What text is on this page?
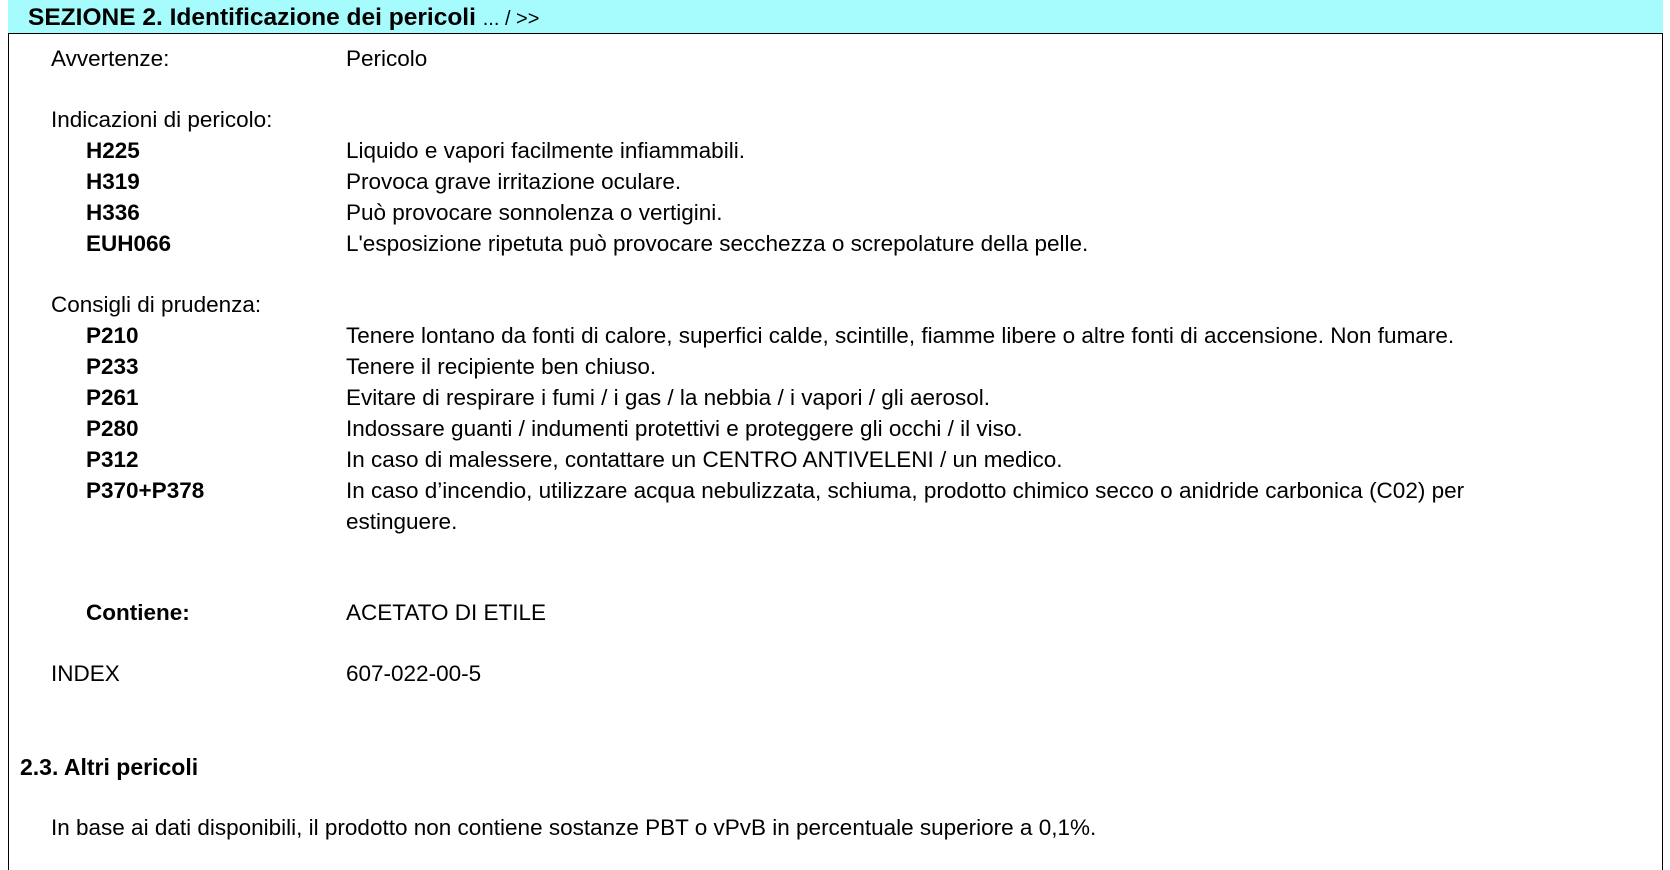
SEZIONE 2. Identificazione dei pericoli ... / >>
Avvertenze:	Pericolo
Indicazioni di pericolo:
H225	Liquido e vapori facilmente infiammabili.
H319	Provoca grave irritazione oculare.
H336	Può provocare sonnolenza o vertigini.
EUH066	L'esposizione ripetuta può provocare secchezza o screpolature della pelle.
Consigli di prudenza:
P210	Tenere lontano da fonti di calore, superfici calde, scintille, fiamme libere o altre fonti di accensione. Non fumare.
P233	Tenere il recipiente ben chiuso.
P261	Evitare di respirare i fumi / i gas / la nebbia / i vapori / gli aerosol.
P280	Indossare guanti / indumenti protettivi e proteggere gli occhi / il viso.
P312	In caso di malessere, contattare un CENTRO ANTIVELENI / un medico.
P370+P378	In caso d’incendio, utilizzare acqua nebulizzata, schiuma, prodotto chimico secco o anidride carbonica (C02) per
estinguere.
Contiene:	ACETATO DI ETILE
INDEX	607-022-00-5
2.3. Altri pericoli
In base ai dati disponibili, il prodotto non contiene sostanze PBT o vPvB in percentuale superiore a 0,1%.
